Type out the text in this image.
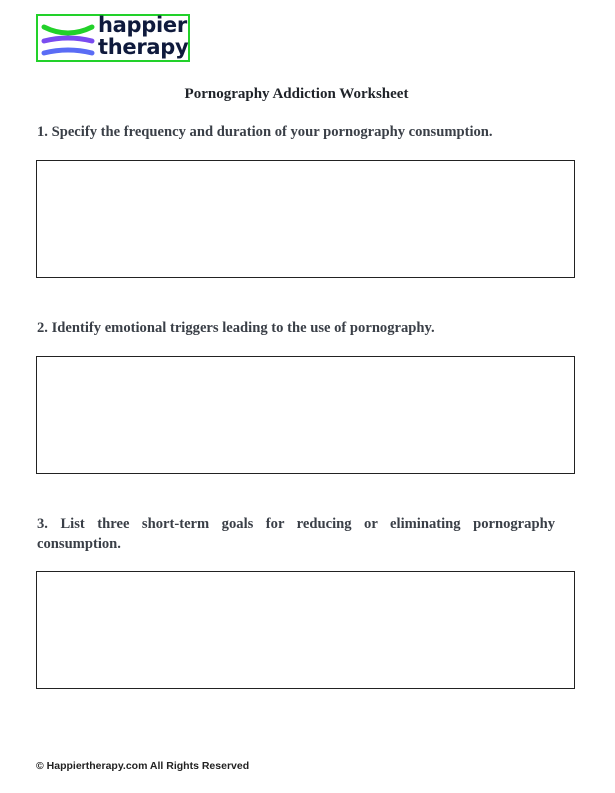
happier
therapy
Pornography Addiction Worksheet
1. Specify the frequency and duration of your pornography consumption.
2. Identify emotional triggers leading to the use of pornography.
3. List three short-term goals for reducing or eliminating pornography consumption.
© Happiertherapy.com All Rights Reserved
